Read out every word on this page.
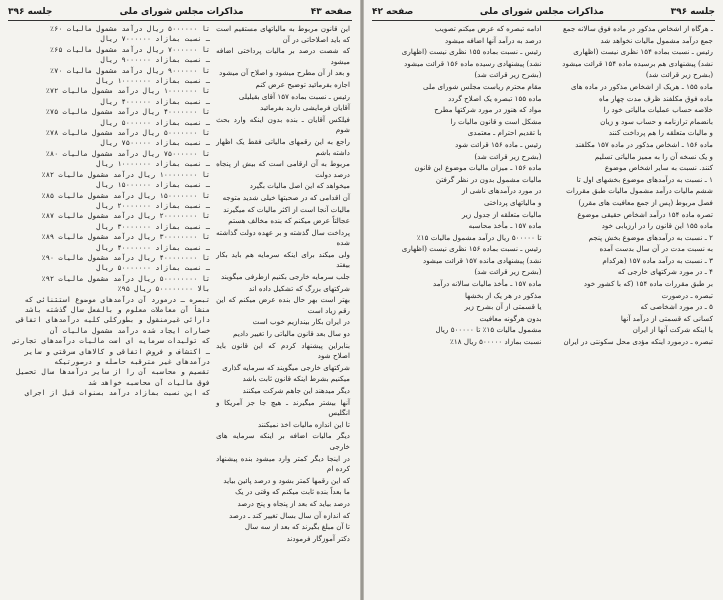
صفحه ۴۳
مذاکرات مجلس شورای ملی
جلسه ۳۹۶
این قانون مربوط به مالیاتهای مستقیم است که باید اصلاحاتی در آن
که شصت درصد بر مالیات پرداختی اضافه میشود
و بعد از آن مطرح میشود و اصلاح آن میشود
اجازه بفرمائید توضیح عرض کنم
رئیس ـ نسبت بماده ۱۵۷ آقای بقیلیلی
آقایان فرمایشی دارید بفرمائید
فیلکس آقایان ـ بنده بدون اینکه وارد بحث شوم
راجع به این رقمهای مالیاتی فقط یک اظهار داشته باشم
مربوط به آن ارقامی است که بیش از پنجاه درصد دولت
میخواهد که این اصل مالیات بگیرد
آن اقدامی که در صحبتها خیلی شدید متوجه
مالیات آنجا است از اکثر مالیات که میگیرند
عجالتاً عرض میکنم که بنده مخالف هستم
پرداخت سال گذشته و بر عهده دولت گذاشته شده
ولی میکند برای اینکه سرمایه هم باید بکار بیفتد
جلب سرمایه خارجی بکنیم ازطرفی میگویند
شرکتهای بزرگ که تشکیل داده اند
بهتر است بهر حال بنده عرض میکنم که این رقم زیاد است
در ایران بکار بیندازیم خوب است
دو سال بعد قانون مالیاتی را تغییر دادیم
بنابراین پیشنهاد کردم که این قانون باید اصلاح شود
شرکتهای خارجی میگویند که سرمایه گذاری
میکنیم بشرط اینکه قانون ثابت باشد
دیگر میدهند این جاهم شرکت میکنند
آنها بیشتر میگیرند ـ هیچ جا جز آمریکا و انگلیس
تا این اندازه مالیات اخذ نمیکنند
دیگر مالیات اضافه بر اینکه سرمایه های خارجی
در اینجا دیگر کمتر وارد میشود بنده پیشنهاد کرده ام
که این رقمها کمتر بشود و درصد پائین بیاید
ما بعداً بنده ثابت میکنم که وقتی در یک
درصد بیاید که بعد از پنجاه و پنج درصد
که اندازه آن سال بسال تغییر کند ـ درصد
تا آن مبلغ بگیرند که بعد از سه سال
دکتر آموزگار فرمودند
تا ۵۰۰۰۰۰۰ ریال درآمد مشمول مالیات ۶۰٪
ـ نسبت بمازاد ۷۰۰۰۰۰۰ ریال
تا ۷۰۰۰۰۰۰ ریال درآمد مشمول مالیات ۶۵٪
ـ نسبت بمازاد ۹۰۰۰۰۰۰ ریال
تا ۹۰۰۰۰۰۰ ریال درآمد مشمول مالیات ۷۰٪
ـ نسبت بمازاد ۱۰۰۰۰۰۰۰ ریال
تا ۱۰۰۰۰۰۰۰ ریال درآمد مشمول مالیات ۷۲٪
ـ نسبت بمازاد ۴۰۰۰۰۰۰ ریال
تا ۴۰۰۰۰۰۰۰ ریال درآمد مشمول مالیات ۷۵٪
ـ نسبت بمازاد ۵۰۰۰۰۰۰ ریال
تا ۵۰۰۰۰۰۰۰ ریال درآمد مشمول مالیات ۷۸٪
ـ نسبت بمازاد ۷۵۰۰۰۰۰ ریال
تا ۷۵۰۰۰۰۰۰ ریال درآمد مشمول مالیات ۸۰٪
ـ نسبت بمازاد ۱۰۰۰۰۰۰۰ ریال
تا ۱۰۰۰۰۰۰۰۰ ریال درآمد مشمول مالیات ۸۲٪
ـ نسبت بمازاد ۱۵۰۰۰۰۰۰ ریال
تا ۱۵۰۰۰۰۰۰۰ ریال درآمد مشمول مالیات ۸۵٪
ـ نسبت بمازاد ۲۰۰۰۰۰۰۰ ریال
تا ۲۰۰۰۰۰۰۰۰ ریال درآمد مشمول مالیات ۸۷٪
ـ نسبت بمازاد ۳۰۰۰۰۰۰۰ ریال
تا ۳۰۰۰۰۰۰۰۰ ریال درآمد مشمول مالیات ۸۹٪
ـ نسبت بمازاد ۴۰۰۰۰۰۰۰ ریال
تا ۴۰۰۰۰۰۰۰۰ ریال درآمد مشمول مالیات ۹۰٪
ـ نسبت بمازاد ۵۰۰۰۰۰۰۰ ریال
تا ۵۰۰۰۰۰۰۰۰ ریال درآمد مشمول مالیات ۹۲٪
بالا ۵۰۰۰۰۰۰۰۰ ریال ۹۵٪
تبصره ـ درمورد آن درآمدهای موضوع استثنائی که
منشأ آن معاملات معلوم و بالفعل سال گذشته باشد
دارائی غیرمنقول و بطورکلی کلیه درآمدهای اتفاقی
خسارات ایجاد شده درآمد مشمول مالیات آن
که تولیدات سرمایه ای است مالیات درآمدهای تجارتی
ـ اکتشاف و فروش اتفاقی و کالاهای سرقتی و سایر
درآمدهای غیر مترقبه حاصله و درصورتیکه
تقسیم و محاسبه آن را از سایر درآمدها سال تحصیل
فوق مالیات آن محاسبه خواهد شد
که این نسبت بمازاد درآمد بسنوات قبل از اجرای
جلسه ۳۹۶
مذاکرات مجلس شورای ملی
صفحه ۴۲
ـ هرگاه از اشخاص مذکور در ماده فوق سالانه جمع
جمع درآمد مشمول مالیات نخواهد شد
رئیس ـ نسبت بماده ۱۵۴ نظری نیست (اظهاری
نشد) پیشنهادی هم برسیده ماده ۱۵۴ قرائت میشود
(بشرح زیر قرائت شد)
ماده ۱۵۵ ـ هریک از اشخاص مذکور در ماده های
ماده فوق مکلفند ظرف مدت چهار ماه
خلاصه حساب عملیات مالیاتی خود را
بانضمام ترازنامه و حساب سود و زیان
و مالیات متعلقه را هم پرداخت کنند
ماده ۱۵۶ ـ اشخاص مذکور در ماده ۱۵۷ مکلفند
و یک نسخه آن را به ممیز مالیاتی تسلیم
کنند. نسبت به سایر اشخاص موضوع
۱ ـ نسبت به درآمدهای موضوع بخشهای اول تا
ششم مالیات درآمد مشمول مالیات طبق مقررات
فصل مربوط (پس از جمع معافیت های مقرر)
تصره ماده ۱۵۴ درآمد اشخاص حقیقی موضوع
ماده ۱۵۵ این قانون را در ارزیابی خود
۲ ـ نسبت به درآمدهای موضوع بخش پنجم
به نسبت مدت در آن سال بدست آمده
۳ ـ نسبت به درآمد ماده ۱۵۷ (هرکدام
۴ ـ در مورد شرکتهای خارجی که
بر طبق مقررات ماده ۱۵۴ (که با کشور خود
تبصره ـ درصورت
۵ ـ در مورد اشخاصی که
کسانی که قسمتی از درآمد آنها
یا اینکه شرکت آنها از ایران
تبصره ـ درمورد اینکه مؤدی محل سکونتی در ایران
ادامه تبصره که عرض میکنم تصویب
درصد به درآمد آنها اضافه میشود
رئیس ـ نسبت بماده ۱۵۵ نظری نیست (اظهاری
نشد) پیشنهادی رسیده ماده ۱۵۶ قرائت میشود
(بشرح زیر قرائت شد)
مقام محترم ریاست مجلس شورای ملی
ماده ۱۵۵ تبصره یک اصلاح گردد
مواد که هنوز در مورد شرکتها مطرح
مشکل است و قانون مالیات را
با تقدیم احترام ـ معتمدی
رئیس ـ ماده ۱۵۶ قرائت شود
(بشرح زیر قرائت شد)
ماده ۱۵۶ ـ میزان مالیات موضوع این قانون
مالیات مشمول بدون در نظر گرفتن
در مورد درآمدهای ناشی از
و مالیاتهای پرداختی
مالیات متعلقه از جدول زیر
ماده ۱۵۷ ـ مأخذ محاسبه
تا ۵۰۰۰۰۰ ریال درآمد مشمول مالیات ۱۵٪
رئیس ـ نسبت بماده ۱۵۶ نظری نیست (اظهاری
نشد) پیشنهادی مانده ۱۵۷ قرائت میشود
(بشرح زیر قرائت شد)
ماده ۱۵۷ ـ مأخذ مالیات سالانه درآمد
مذکور در هر یک از بخشها
یا قسمتی از آن بشرح زیر
بدون هرگونه معافیت
مشمول مالیات ۱۵٪ تا ۵۰۰۰۰۰ ریال
نسبت بمازاد ۵۰۰۰۰۰ ریال ۱۸٪
